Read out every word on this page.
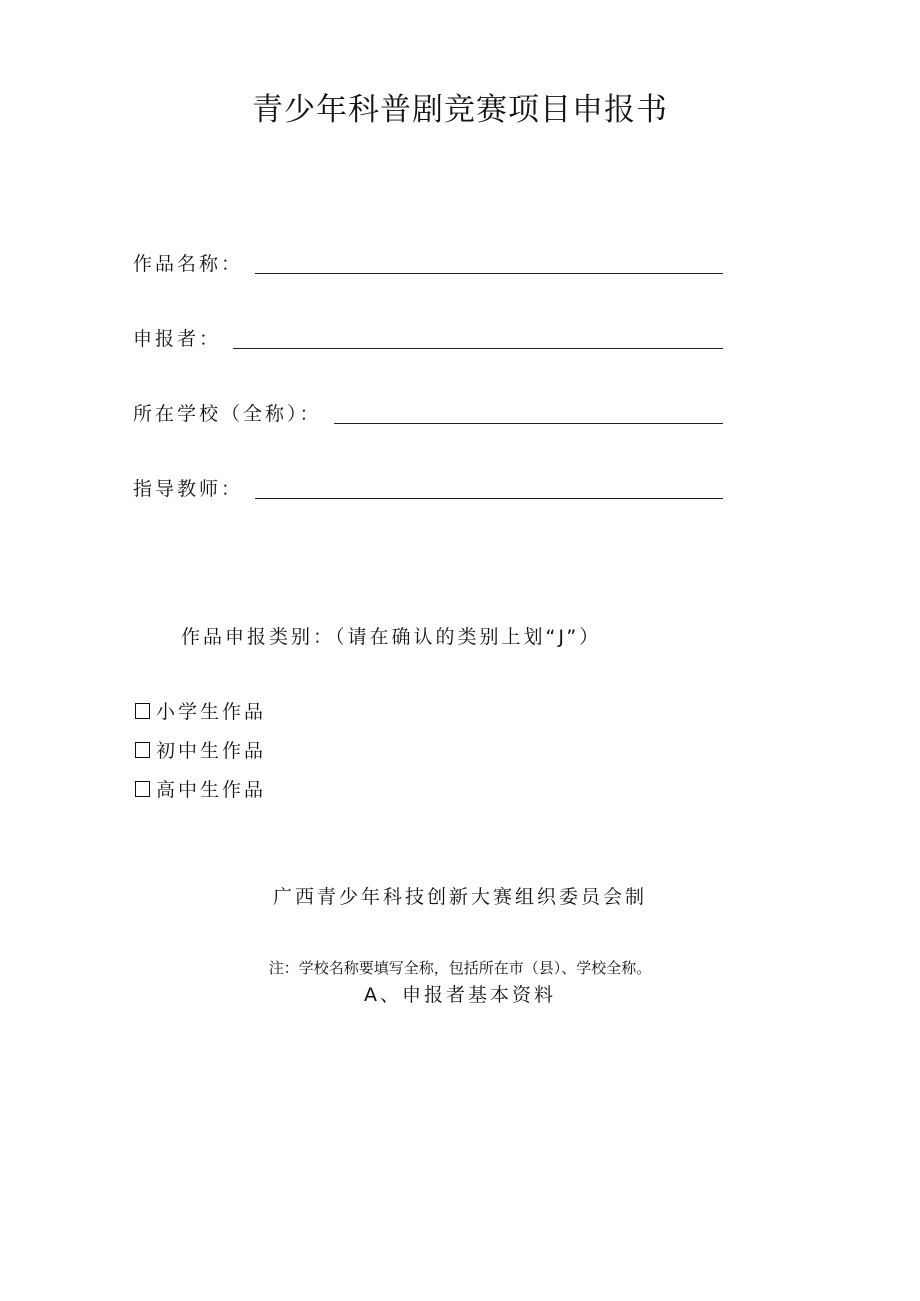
青少年科普剧竞赛项目申报书
作品名称：
申报者：
所在学校（全称）：
指导教师：
作品申报类别：（请在确认的类别上划“J”）
小学生作品
初中生作品
高中生作品
广西青少年科技创新大赛组织委员会制
注：学校名称要填写全称，包括所在市（县）、学校全称。
A、申报者基本资料
